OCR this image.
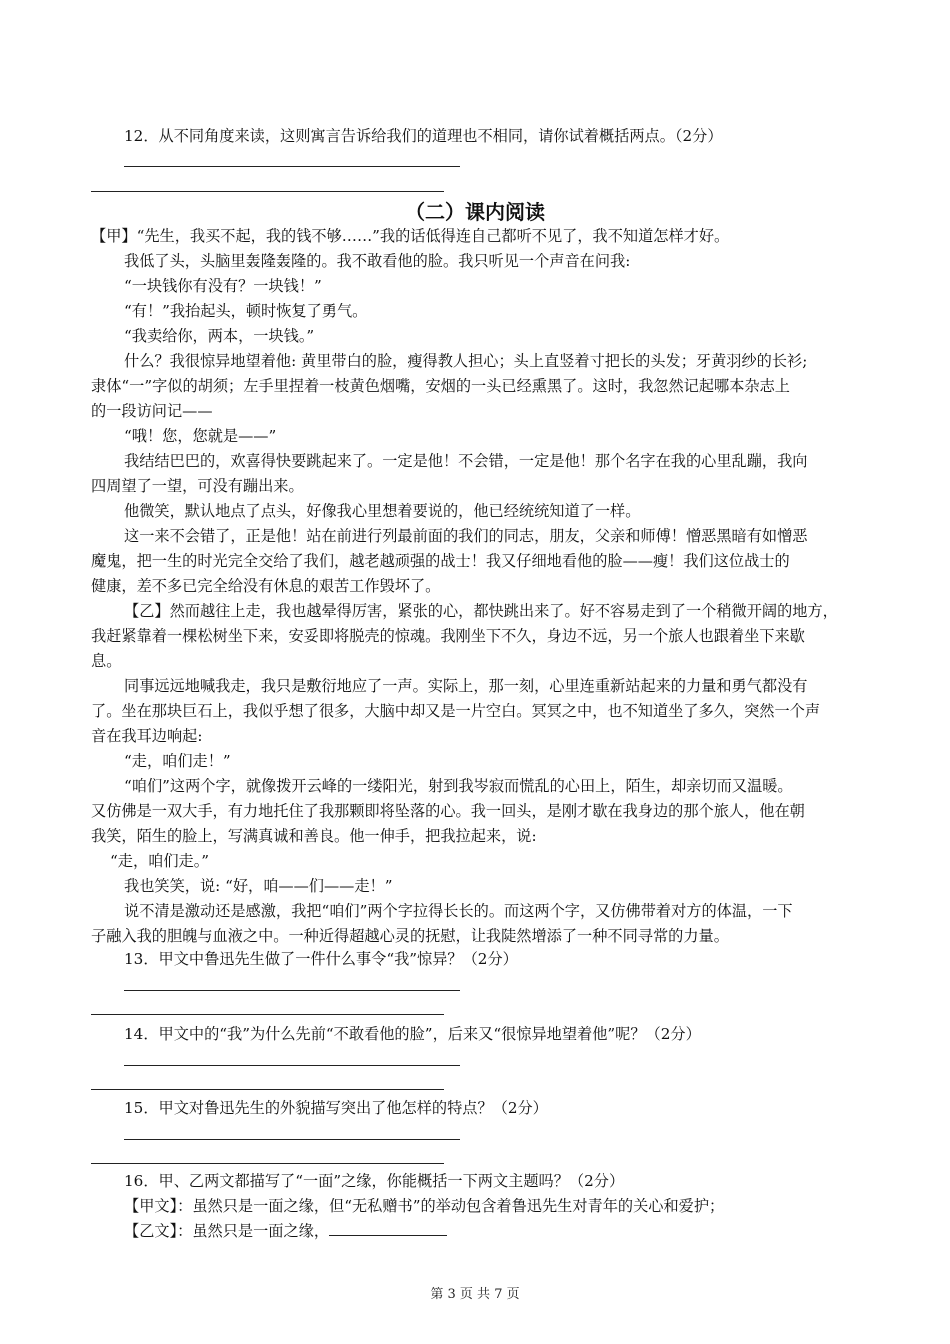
12．从不同角度来读，这则寓言告诉给我们的道理也不相同，请你试着概括两点。（2分）
（二）课内阅读
【甲】“先生，我买不起，我的钱不够……”我的话低得连自己都听不见了，我不知道怎样才好。
我低了头，头脑里轰隆轰隆的。我不敢看他的脸。我只听见一个声音在问我:
“一块钱你有没有？一块钱！”
“有！”我抬起头，顿时恢复了勇气。
“我卖给你，两本，一块钱。”
什么？我很惊异地望着他: 黄里带白的脸，瘦得教人担心；头上直竖着寸把长的头发；牙黄羽纱的长衫;
隶体“一”字似的胡须；左手里捏着一枝黄色烟嘴，安烟的一头已经熏黑了。这时，我忽然记起哪本杂志上
的一段访问记——
“哦！您，您就是——”
我结结巴巴的，欢喜得快要跳起来了。一定是他！不会错，一定是他！那个名字在我的心里乱蹦，我向
四周望了一望，可没有蹦出来。
他微笑，默认地点了点头，好像我心里想着要说的，他已经统统知道了一样。
这一来不会错了，正是他！站在前进行列最前面的我们的同志，朋友，父亲和师傅！憎恶黑暗有如憎恶
魔鬼，把一生的时光完全交给了我们，越老越顽强的战士！我又仔细地看他的脸——瘦！我们这位战士的
健康，差不多已完全给没有休息的艰苦工作毁坏了。
【乙】然而越往上走，我也越晕得厉害，紧张的心，都快跳出来了。好不容易走到了一个稍微开阔的地方，
我赶紧靠着一棵松树坐下来，安妥即将脱壳的惊魂。我刚坐下不久，身边不远，另一个旅人也跟着坐下来歇
息。
同事远远地喊我走，我只是敷衍地应了一声。实际上，那一刻，心里连重新站起来的力量和勇气都没有
了。坐在那块巨石上，我似乎想了很多，大脑中却又是一片空白。冥冥之中，也不知道坐了多久，突然一个声
音在我耳边响起:
“走，咱们走！”
“咱们”这两个字，就像拨开云峰的一缕阳光，射到我岑寂而慌乱的心田上，陌生，却亲切而又温暖。
又仿佛是一双大手，有力地托住了我那颗即将坠落的心。我一回头，是刚才歇在我身边的那个旅人，他在朝
我笑，陌生的脸上，写满真诚和善良。他一伸手，把我拉起来，说:
“走，咱们走。”
我也笑笑，说: “好，咱——们——走！”
说不清是激动还是感激，我把“咱们”两个字拉得长长的。而这两个字，又仿佛带着对方的体温，一下
子融入我的胆魄与血液之中。一种近得超越心灵的抚慰，让我陡然增添了一种不同寻常的力量。
13．甲文中鲁迅先生做了一件什么事令“我”惊异？（2分）
14．甲文中的“我”为什么先前“不敢看他的脸”，后来又“很惊异地望着他”呢？（2分）
15．甲文对鲁迅先生的外貌描写突出了他怎样的特点？（2分）
16．甲、乙两文都描写了“一面”之缘，你能概括一下两文主题吗？（2分）
【甲文】：虽然只是一面之缘，但“无私赠书”的举动包含着鲁迅先生对青年的关心和爱护；
【乙文】：虽然只是一面之缘，
第 3 页 共 7 页
